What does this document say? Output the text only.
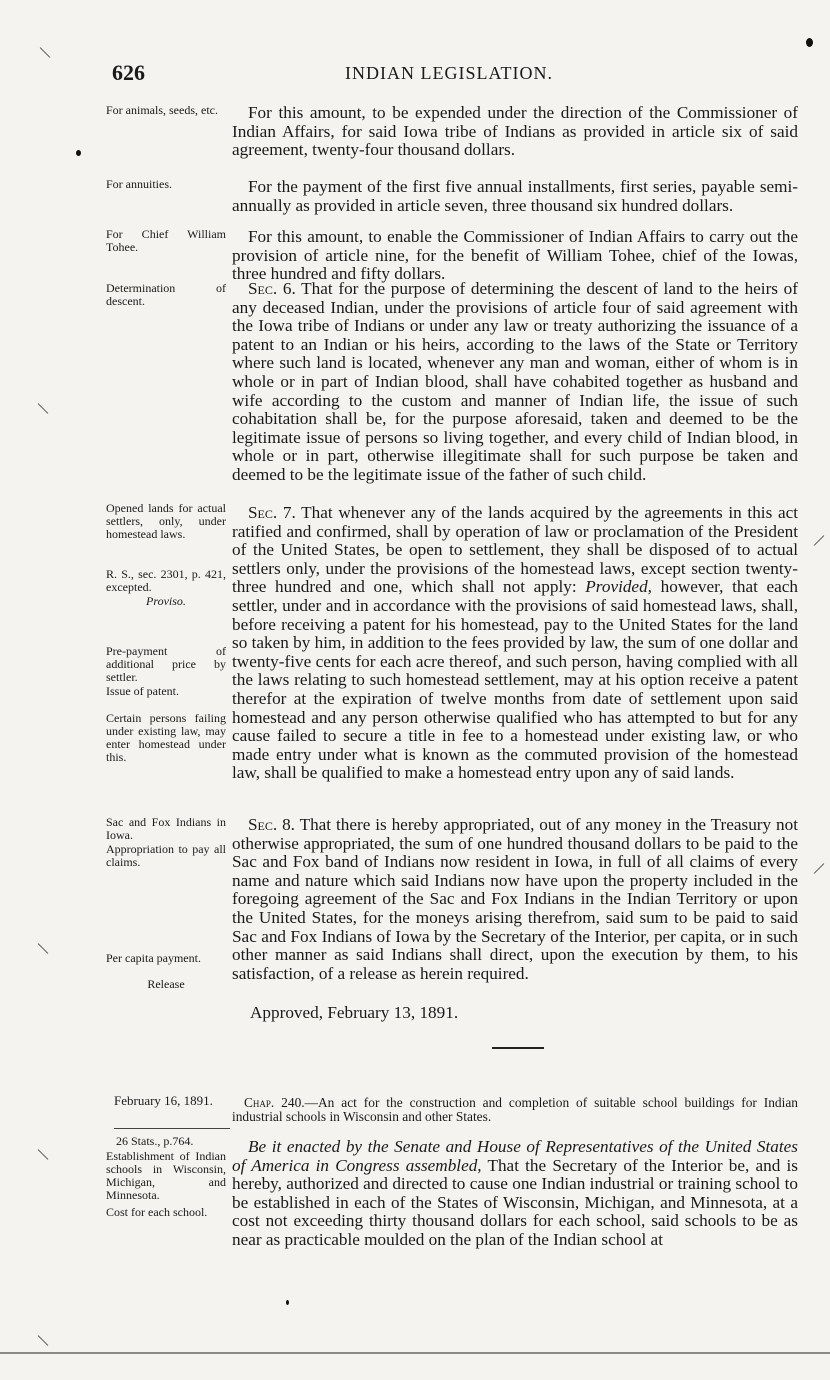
626	INDIAN LEGISLATION.
For animals, seeds, etc.
For annuities.
For Chief William Tohee.
Determination of descent.
Opened lands for actual settlers, only, under homestead laws.
R. S., sec. 2301, p. 421, excepted.
Proviso.
Pre-payment of additional price by settler.
Issue of patent.
Certain persons failing under existing law, may enter homestead under this.
Sac and Fox Indians in Iowa.
Appropriation to pay all claims.
Per capita payment.
Release
Establishment of Indian schools in Wisconsin, Michigan, and Minnesota.
Cost for each school.

For this amount, to be expended under the direction of the Commissioner of Indian Affairs, for said Iowa tribe of Indians as provided in article six of said agreement, twenty-four thousand dollars.

For the payment of the first five annual installments, first series, payable semi-annually as provided in article seven, three thousand six hundred dollars.

For this amount, to enable the Commissioner of Indian Affairs to carry out the provision of article nine, for the benefit of William Tohee, chief of the Iowas, three hundred and fifty dollars.

Sec. 6. That for the purpose of determining the descent of land to the heirs of any deceased Indian, under the provisions of article four of said agreement with the Iowa tribe of Indians or under any law or treaty authorizing the issuance of a patent to an Indian or his heirs, according to the laws of the State or Territory where such land is located, whenever any man and woman, either of whom is in whole or in part of Indian blood, shall have cohabited together as husband and wife according to the custom and manner of Indian life, the issue of such cohabitation shall be, for the purpose aforesaid, taken and deemed to be the legitimate issue of persons so living together, and every child of Indian blood, in whole or in part, otherwise illegitimate shall for such purpose be taken and deemed to be the legitimate issue of the father of such child.

Sec. 7. That whenever any of the lands acquired by the agreements in this act ratified and confirmed, shall by operation of law or proclamation of the President of the United States, be open to settlement, they shall be disposed of to actual settlers only, under the provisions of the homestead laws, except section twenty-three hundred and one, which shall not apply: Provided, however, that each settler, under and in accordance with the provisions of said homestead laws, shall, before receiving a patent for his homestead, pay to the United States for the land so taken by him, in addition to the fees provided by law, the sum of one dollar and twenty-five cents for each acre thereof, and such person, having complied with all the laws relating to such homestead settlement, may at his option receive a patent therefor at the expiration of twelve months from date of settlement upon said homestead and any person otherwise qualified who has attempted to but for any cause failed to secure a title in fee to a homestead under existing law, or who made entry under what is known as the commuted provision of the homestead law, shall be qualified to make a homestead entry upon any of said lands.

Sec. 8. That there is hereby appropriated, out of any money in the Treasury not otherwise appropriated, the sum of one hundred thousand dollars to be paid to the Sac and Fox band of Indians now resident in Iowa, in full of all claims of every name and nature which said Indians now have upon the property included in the foregoing agreement of the Sac and Fox Indians in the Indian Territory or upon the United States, for the moneys arising therefrom, said sum to be paid to said Sac and Fox Indians of Iowa by the Secretary of the Interior, per capita, or in such other manner as said Indians shall direct, upon the execution by them, to his satisfaction, of a release as herein required.

Approved, February 13, 1891.
February 16, 1891.	Chap. 240.—An act for the construction and completion of suitable school buildings for Indian industrial schools in Wisconsin and other States.
26 Stats., p.764.	Be it enacted by the Senate and House of Representatives of the United States of America in Congress assembled, That the Secretary of the Interior be, and is hereby, authorized and directed to cause one Indian industrial or training school to be established in each of the States of Wisconsin, Michigan, and Minnesota, at a cost not exceeding thirty thousand dollars for each school, said schools to be as near as practicable moulded on the plan of the Indian school at
